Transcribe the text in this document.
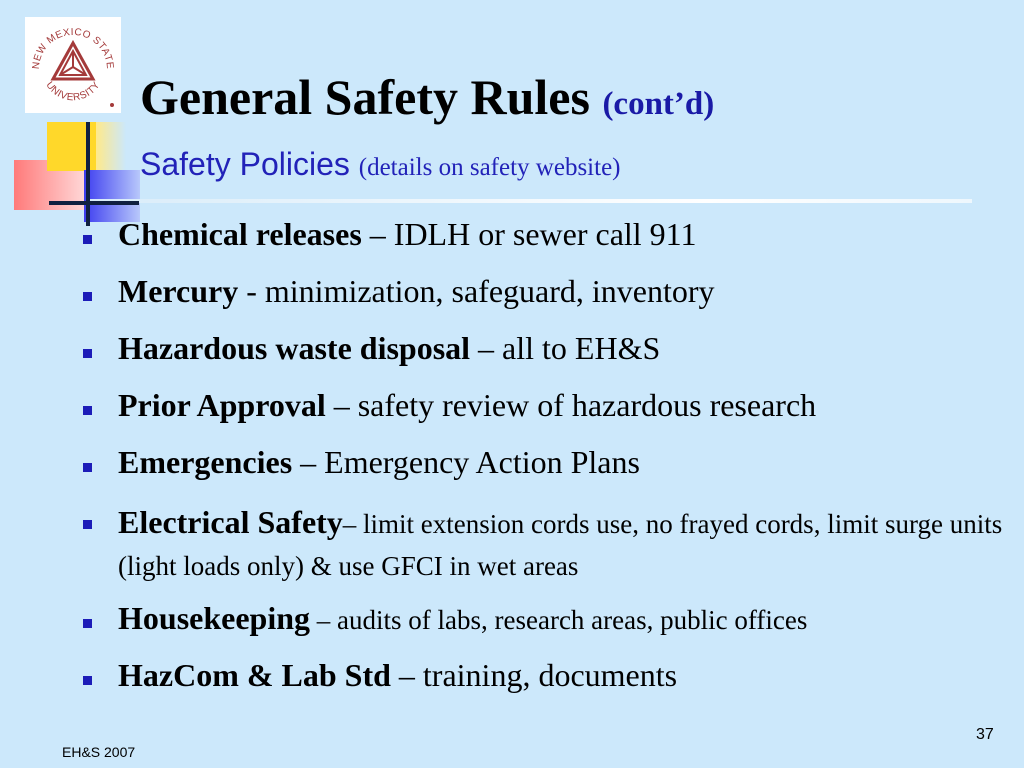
NEW MEXICO STATE
UNIVERSITY General Safety Rules (cont’d)
Safety Policies (details on safety website)
Chemical releases – IDLH or sewer call 911
Mercury - minimization, safeguard, inventory
Hazardous waste disposal – all to EH&S
Prior Approval – safety review of hazardous research
Emergencies – Emergency Action Plans
Electrical Safety– limit extension cords use, no frayed cords, limit surge units (light loads only) & use GFCI in wet areas
Housekeeping – audits of labs, research areas, public offices
HazCom & Lab Std – training, documents
EH&S 2007
37
